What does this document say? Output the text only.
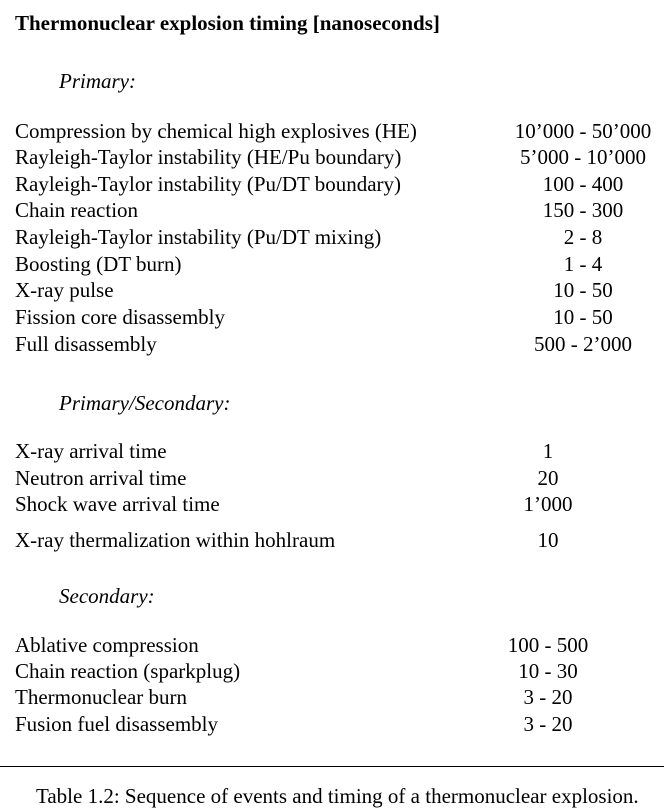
Thermonuclear explosion timing [nanoseconds]
Primary:
Compression by chemical high explosives (HE)	10’000 - 50’000
Rayleigh-Taylor instability (HE/Pu boundary)	5’000 - 10’000
Rayleigh-Taylor instability (Pu/DT boundary)	100 - 400
Chain reaction	150 - 300
Rayleigh-Taylor instability (Pu/DT mixing)	2 - 8
Boosting (DT burn)	1 - 4
X-ray pulse	10 - 50
Fission core disassembly	10 - 50
Full disassembly	500 - 2’000
Primary/Secondary:
X-ray arrival time	1
Neutron arrival time	20
Shock wave arrival time	1’000
X-ray thermalization within hohlraum	10
Secondary:
Ablative compression	100 - 500
Chain reaction (sparkplug)	10 - 30
Thermonuclear burn	3 - 20
Fusion fuel disassembly	3 - 20
Table 1.2: Sequence of events and timing of a thermonuclear explosion.
